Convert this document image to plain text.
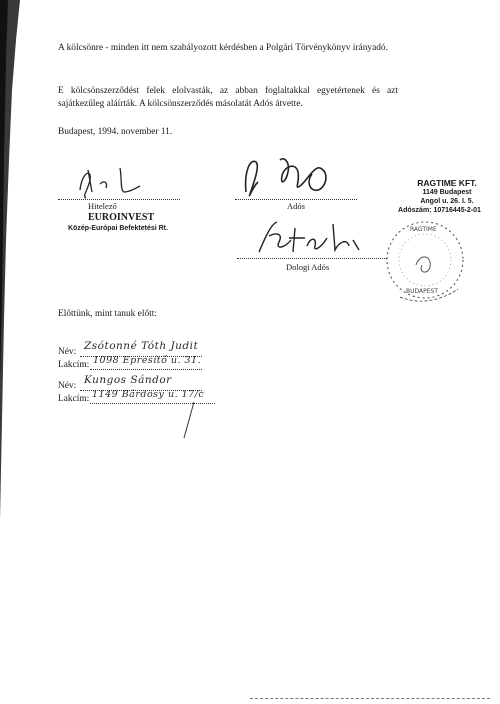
A kölcsönre - minden itt nem szabályozott kérdésben a Polgári Törvénykönyv irányadó.
E kölcsönszerződést felek elolvasták, az abban foglaltakkal egyetértenek és azt sajátkezűleg aláírták. A kölcsönszerződés másolatát Adós átvette.
Budapest, 1994. november 11.
Hitelező
EUROINVEST
Közép-Európai Befektetési Rt.
Adós
RAGTIME KFT.
1149 Budapest
Angol u. 26. I. 5.
Adószám: 10716445-2-01
Dologi Adós
RAGTIME
BUDAPEST
Előttünk, mint tanuk előtt:
Név: Zsótonné Tóth Judit
Lakcím: 1098 Epresítő u. 31.
Név: Kungos Sándor
Lakcím: 1149 Bárdosy u. 17/c
